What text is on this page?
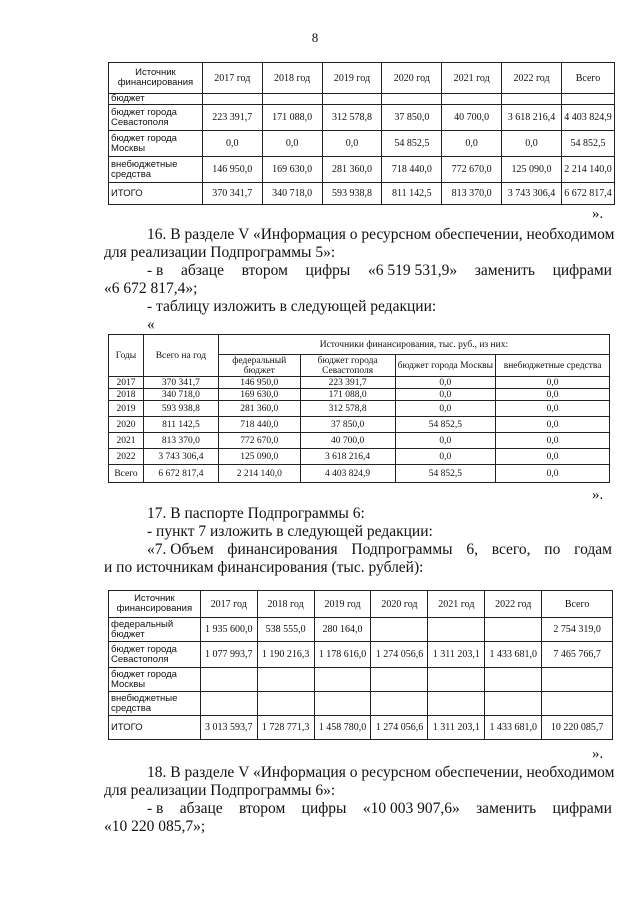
8
Источник финансирования	2017 год	2018 год	2019 год	2020 год	2021 год	2022 год	Всего
бюджет							
бюджет города Севастополя	223 391,7	171 088,0	312 578,8	37 850,0	40 700,0	3 618 216,4	4 403 824,9
бюджет города Москвы	0,0	0,0	0,0	54 852,5	0,0	0,0	54 852,5
внебюджетные средства	146 950,0	169 630,0	281 360,0	718 440,0	772 670,0	125 090,0	2 214 140,0
ИТОГО	370 341,7	340 718,0	593 938,8	811 142,5	813 370,0	3 743 306,4	6 672 817,4
».

16. В разделе V «Информация о ресурсном обеспечении, необходимом

для реализации Подпрограммы 5»:

- в абзаце втором цифры «6 519 531,9» заменить цифрами

«6 672 817,4»;

- таблицу изложить в следующей редакции:

«

Годы	Всего на год	Источники финансирования, тыс. руб., из них:			
		федеральный бюджет	бюджет города Севастополя	бюджет города Москвы	внебюджетные средства
2017	370 341,7	146 950,0	223 391,7	0,0	0,0
2018	340 718,0	169 630,0	171 088,0	0,0	0,0
2019	593 938,8	281 360,0	312 578,8	0,0	0,0
2020	811 142,5	718 440,0	37 850,0	54 852,5	0,0
2021	813 370,0	772 670,0	40 700,0	0,0	0,0
2022	3 743 306,4	125 090,0	3 618 216,4	0,0	0,0
Всего	6 672 817,4	2 214 140,0	4 403 824,9	54 852,5	0,0
».

17. В паспорте Подпрограммы 6:

- пункт 7 изложить в следующей редакции:

«7. Объем финансирования Подпрограммы 6, всего, по годам

и по источникам финансирования (тыс. рублей):

Источник финансирования	2017 год	2018 год	2019 год	2020 год	2021 год	2022 год	Всего
федеральный бюджет	1 935 600,0	538 555,0	280 164,0				2 754 319,0
бюджет города Севастополя	1 077 993,7	1 190 216,3	1 178 616,0	1 274 056,6	1 311 203,1	1 433 681,0	7 465 766,7
бюджет города Москвы							
внебюджетные средства							
ИТОГО	3 013 593,7	1 728 771,3	1 458 780,0	1 274 056,6	1 311 203,1	1 433 681,0	10 220 085,7
».

18. В разделе V «Информация о ресурсном обеспечении, необходимом

для реализации Подпрограммы 6»:

- в абзаце втором цифры «10 003 907,6» заменить цифрами

«10 220 085,7»;
